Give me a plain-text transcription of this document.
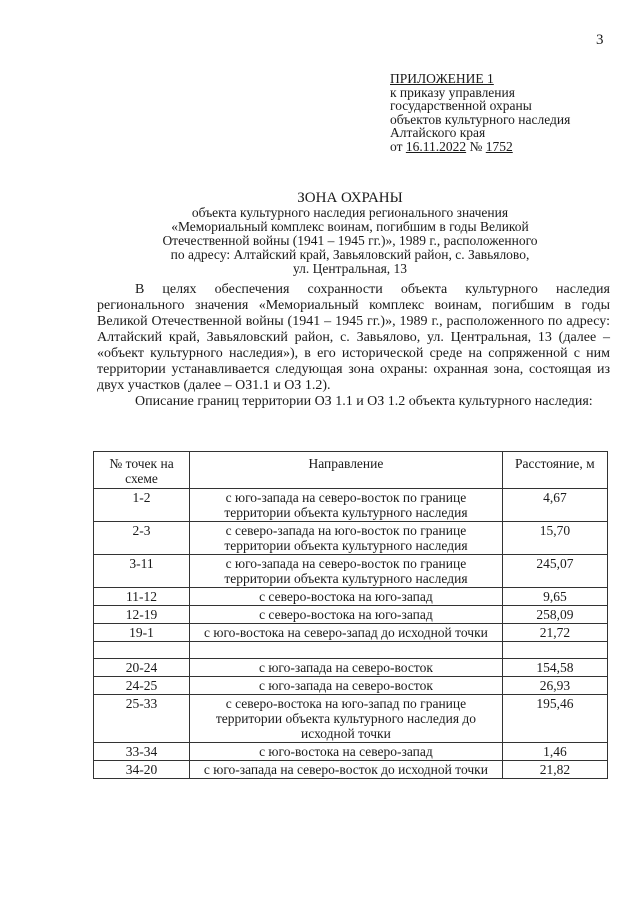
3
ПРИЛОЖЕНИЕ 1
к приказу управления
государственной охраны
объектов культурного наследия
Алтайского края
от 16.11.2022 № 1752
ЗОНА ОХРАНЫ
объекта культурного наследия регионального значения
«Мемориальный комплекс воинам, погибшим в годы Великой
Отечественной войны (1941 – 1945 гг.)», 1989 г., расположенного
по адресу: Алтайский край, Завьяловский район, с. Завьялово,
ул. Центральная, 13

В целях обеспечения сохранности объекта культурного наследия регионального значения «Мемориальный комплекс воинам, погибшим в годы Великой Отечественной войны (1941 – 1945 гг.)», 1989 г., расположенного по адресу: Алтайский край, Завьяловский район, с. Завьялово, ул. Центральная, 13 (далее – «объект культурного наследия»), в его исторической среде на сопряженной с ним территории устанавливается следующая зона охраны: охранная зона, состоящая из двух участков (далее – ОЗ1.1 и ОЗ 1.2).

Описание границ территории ОЗ 1.1 и ОЗ 1.2 объекта культурного наследия:

№ точек на схеме	Направление	Расстояние, м
1-2	с юго-запада на северо-восток по границе территории объекта культурного наследия	4,67
2-3	с северо-запада на юго-восток по границе территории объекта культурного наследия	15,70
3-11	с юго-запада на северо-восток по границе территории объекта культурного наследия	245,07
11-12	с северо-востока на юго-запад	9,65
12-19	с северо-востока на юго-запад	258,09
19-1	с юго-востока на северо-запад до исходной точки	21,72

20-24	с юго-запада на северо-восток	154,58
24-25	с юго-запада на северо-восток	26,93
25-33	с северо-востока на юго-запад по границе территории объекта культурного наследия до исходной точки	195,46
33-34	с юго-востока на северо-запад	1,46
34-20	с юго-запада на северо-восток до исходной точки	21,82
